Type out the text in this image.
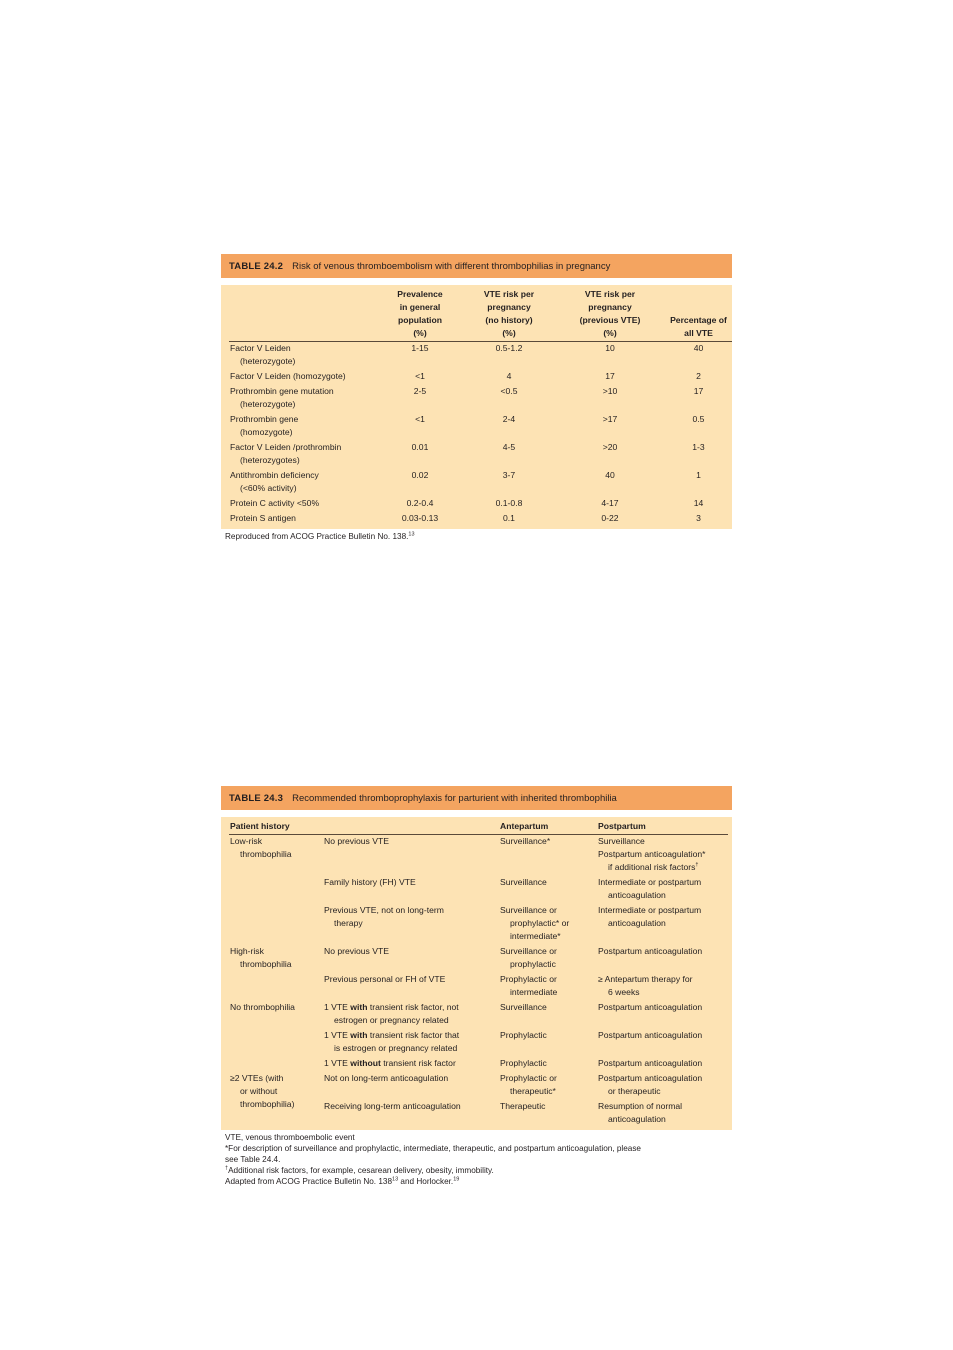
TABLE 24.2 Risk of venous thromboembolism with different thrombophilias in pregnancy

	Prevalence
in general
population
(%)	VTE risk per
pregnancy
(no history)
(%)	VTE risk per
pregnancy
(previous VTE)
(%)	Percentage of
all VTE

Factor V Leiden
(heterozygote)	1-15	0.5-1.2	10	40

Factor V Leiden (homozygote)	<1	4	17	2

Prothrombin gene mutation
(heterozygote)	2-5	<0.5	>10	17

Prothrombin gene
(homozygote)	<1	2-4	>17	0.5

Factor V Leiden /prothrombin
(heterozygotes)	0.01	4-5	>20	1-3

Antithrombin deficiency
(<60% activity)	0.02	3-7	40	1

Protein C activity <50%	0.2-0.4	0.1-0.8	4-17	14

Protein S antigen	0.03-0.13	0.1	0-22	3
Reproduced from ACOG Practice Bulletin No. 138.13
TABLE 24.3 Recommended thromboprophylaxis for parturient with inherited thrombophilia
Patient history		Antepartum	Postpartum

Low-risk
thrombophilia	No previous VTE	Surveillance*	Surveillance
Postpartum anticoagulation*
if additional risk factors†

	Family history (FH) VTE	Surveillance	Intermediate or postpartum
anticoagulation

	Previous VTE, not on long-term
therapy	Surveillance or
prophylactic* or
intermediate*	Intermediate or postpartum
anticoagulation

High-risk
thrombophilia	No previous VTE	Surveillance or
prophylactic	Postpartum anticoagulation
	Previous personal or FH of VTE	Prophylactic or
intermediate	≥ Antepartum therapy for
6 weeks

No thrombophilia	1 VTE with transient risk factor, not
estrogen or pregnancy related	Surveillance	Postpartum anticoagulation

	1 VTE with transient risk factor that
is estrogen or pregnancy related	Prophylactic	Postpartum anticoagulation

	1 VTE without transient risk factor	Prophylactic	Postpartum anticoagulation

≥2 VTEs (with
or without
thrombophilia)	Not on long-term anticoagulation	Prophylactic or
therapeutic*	Postpartum anticoagulation
or therapeutic

	Receiving long-term anticoagulation	Therapeutic	Resumption of normal
anticoagulation
VTE, venous thromboembolic event
*For description of surveillance and prophylactic, intermediate, therapeutic, and postpartum anticoagulation, please
see Table 24.4.
†Additional risk factors, for example, cesarean delivery, obesity, immobility.
Adapted from ACOG Practice Bulletin No. $138^{13}$ and Horlocker.$^{19}$
